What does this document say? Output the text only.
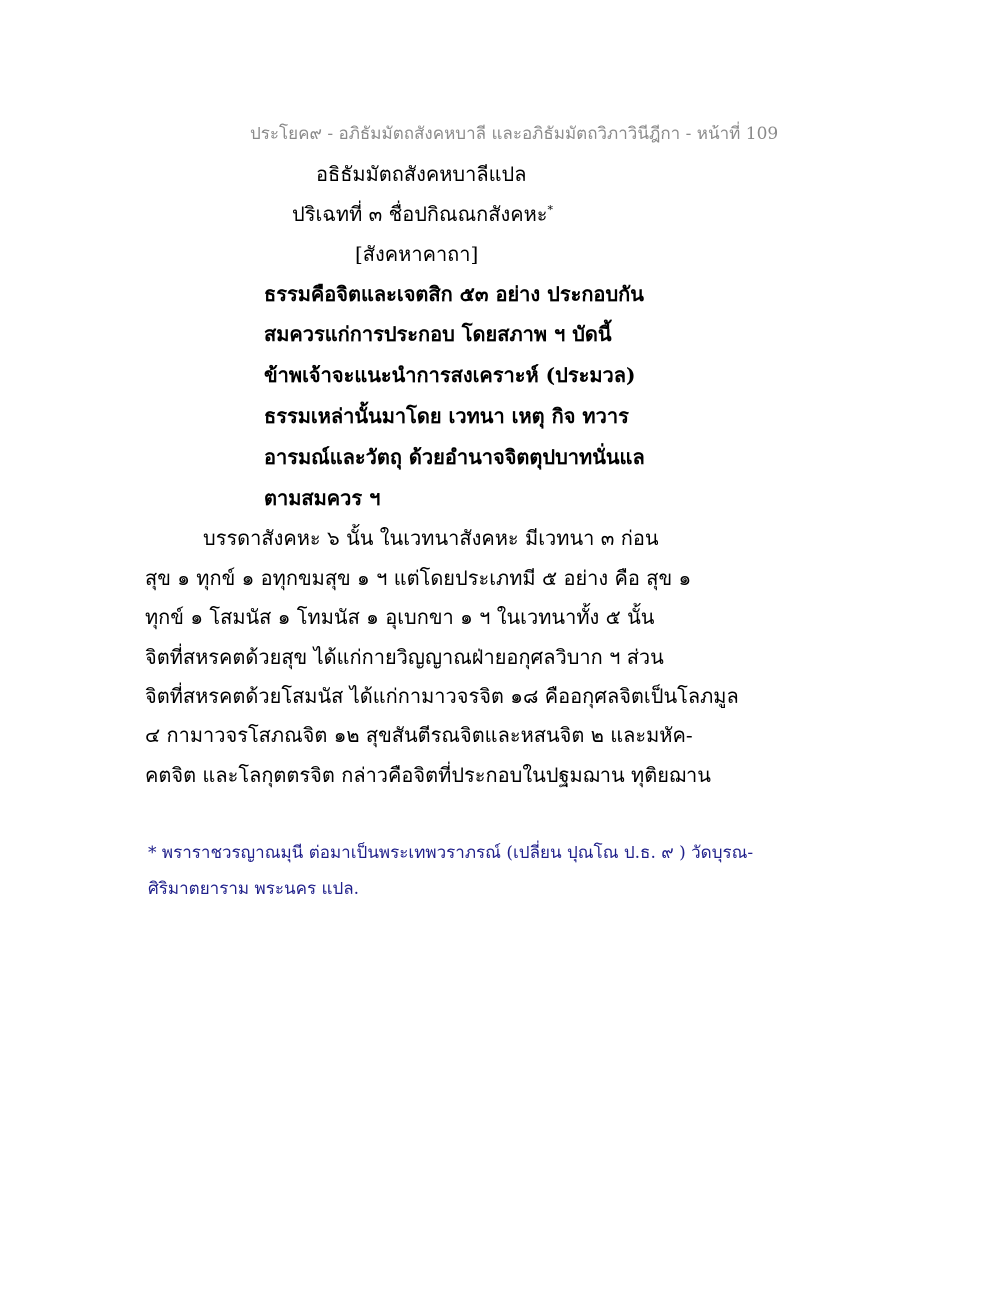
ประโยค๙ - อภิธัมมัตถสังคหบาลี และอภิธัมมัตถวิภาวินีฎีกา - หน้าที่ 109
อธิธัมมัตถสังคหบาลีแปล
ปริเฉทที่ ๓ ชื่อปกิณณกสังคหะ*
[สังคหาคาถา]
ธรรมคือจิตและเจตสิก ๕๓ อย่าง ประกอบกัน
สมควรแก่การประกอบ โดยสภาพ ฯ บัดนี้
ข้าพเจ้าจะแนะนำการสงเคราะห์ (ประมวล)
ธรรมเหล่านั้นมาโดย เวทนา เหตุ กิจ ทวาร
อารมณ์และวัตถุ ด้วยอำนาจจิตตุปบาทนั่นแล
ตามสมควร ฯ
บรรดาสังคหะ ๖ นั้น ในเวทนาสังคหะ มีเวทนา ๓ ก่อน
สุข ๑ ทุกข์ ๑ อทุกขมสุข ๑ ฯ แต่โดยประเภทมี ๕ อย่าง คือ สุข ๑
ทุกข์ ๑ โสมนัส ๑ โทมนัส ๑ อุเบกขา ๑ ฯ ในเวทนาทั้ง ๕ นั้น
จิตที่สหรคตด้วยสุข ได้แก่กายวิญญาณฝ่ายอกุศลวิบาก ฯ ส่วน
จิตที่สหรคตด้วยโสมนัส ได้แก่กามาวจรจิต ๑๘ คืออกุศลจิตเป็นโลภมูล
๔ กามาวจรโสภณจิต ๑๒ สุขสันตีรณจิตและหสนจิต ๒ และมหัค-
คตจิต และโลกุตตรจิต กล่าวคือจิตที่ประกอบในปฐมฌาน ทุติยฌาน
* พราราชวรญาณมุนี ต่อมาเป็นพระเทพวราภรณ์ (เปลี่ยน ปุณโณ ป.ธ. ๙ ) วัดบุรณ-
ศิริมาตยาราม พระนคร แปล.
